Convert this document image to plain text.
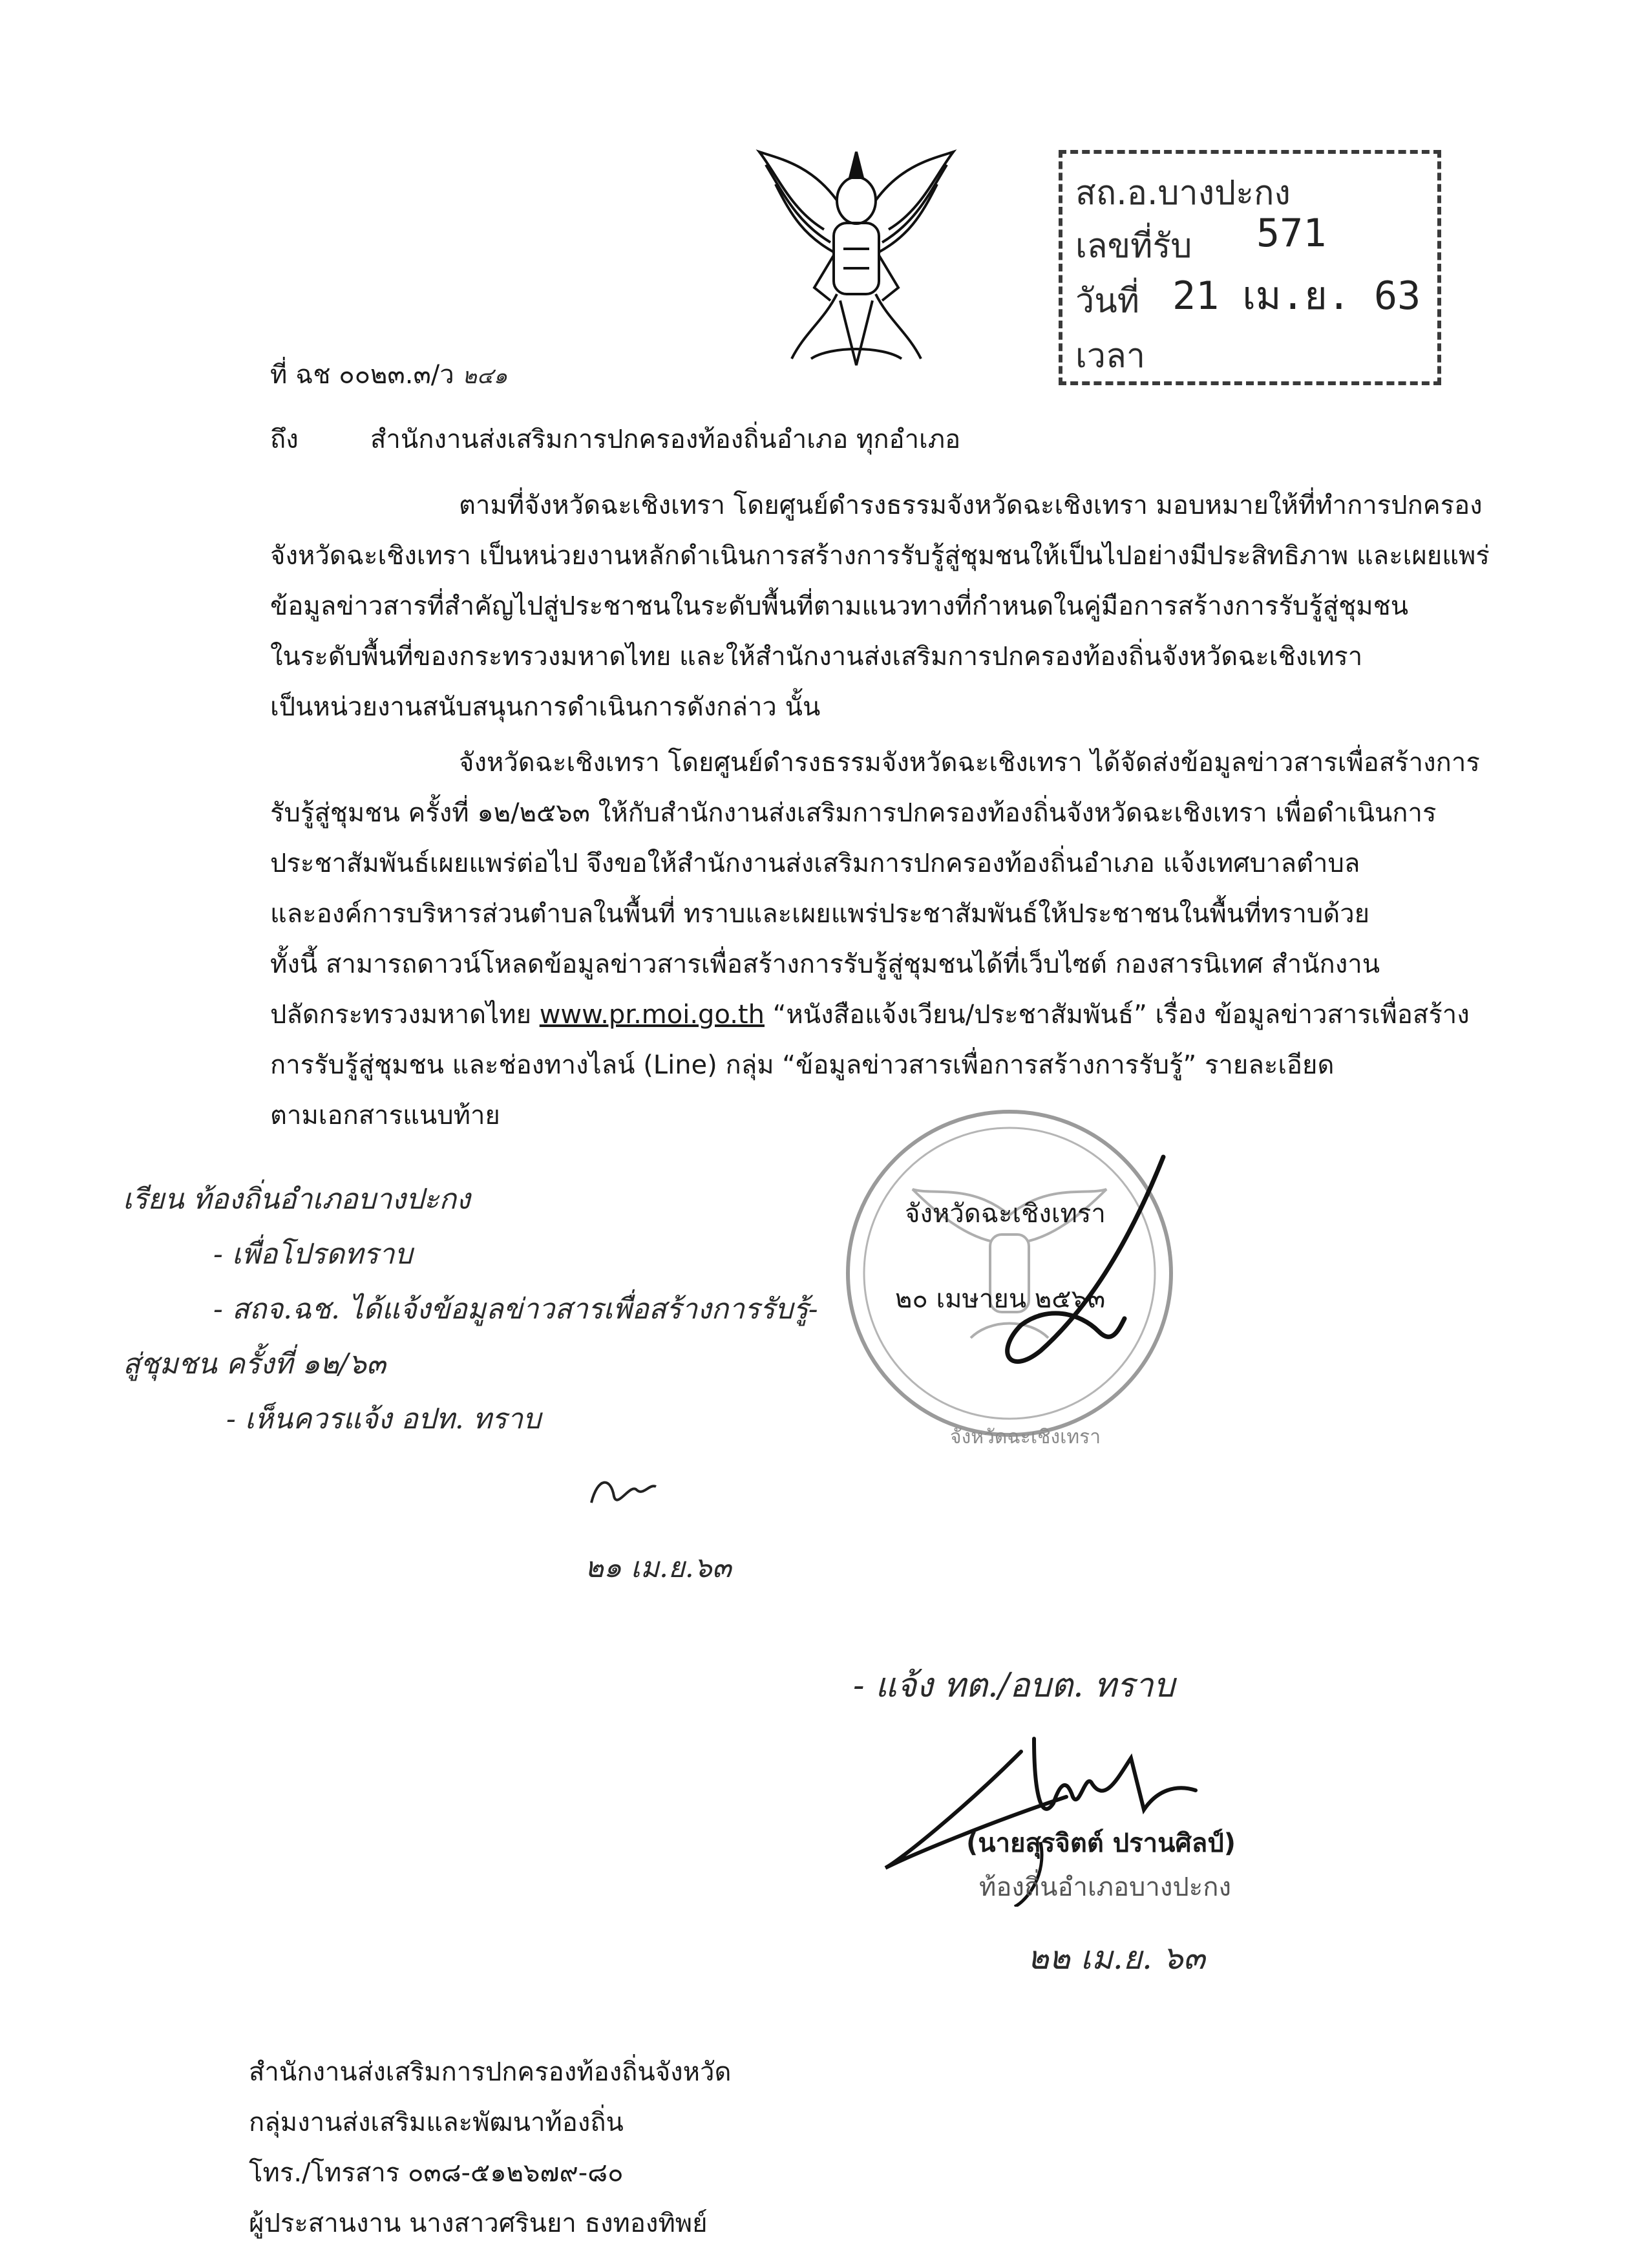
สถ.อ.บางปะกง
เลขที่รับ 571
วันที่ 21 เม.ย. 63
เวลา
ที่ ฉช ๐๐๒๓.๓/ว ๒๔๑
ถึง	สำนักงานส่งเสริมการปกครองท้องถิ่นอำเภอ ทุกอำเภอ
ตามที่จังหวัดฉะเชิงเทรา โดยศูนย์ดำรงธรรมจังหวัดฉะเชิงเทรา มอบหมายให้ที่ทำการปกครอง
จังหวัดฉะเชิงเทรา เป็นหน่วยงานหลักดำเนินการสร้างการรับรู้สู่ชุมชนให้เป็นไปอย่างมีประสิทธิภาพ และเผยแพร่
ข้อมูลข่าวสารที่สำคัญไปสู่ประชาชนในระดับพื้นที่ตามแนวทางที่กำหนดในคู่มือการสร้างการรับรู้สู่ชุมชน
ในระดับพื้นที่ของกระทรวงมหาดไทย และให้สำนักงานส่งเสริมการปกครองท้องถิ่นจังหวัดฉะเชิงเทรา
เป็นหน่วยงานสนับสนุนการดำเนินการดังกล่าว นั้น
จังหวัดฉะเชิงเทรา โดยศูนย์ดำรงธรรมจังหวัดฉะเชิงเทรา ได้จัดส่งข้อมูลข่าวสารเพื่อสร้างการ
รับรู้สู่ชุมชน ครั้งที่ ๑๒/๒๕๖๓ ให้กับสำนักงานส่งเสริมการปกครองท้องถิ่นจังหวัดฉะเชิงเทรา เพื่อดำเนินการ
ประชาสัมพันธ์เผยแพร่ต่อไป จึงขอให้สำนักงานส่งเสริมการปกครองท้องถิ่นอำเภอ แจ้งเทศบาลตำบล
และองค์การบริหารส่วนตำบลในพื้นที่ ทราบและเผยแพร่ประชาสัมพันธ์ให้ประชาชนในพื้นที่ทราบด้วย
ทั้งนี้ สามารถดาวน์โหลดข้อมูลข่าวสารเพื่อสร้างการรับรู้สู่ชุมชนได้ที่เว็บไซต์ กองสารนิเทศ สำนักงาน
ปลัดกระทรวงมหาดไทย www.pr.moi.go.th “หนังสือแจ้งเวียน/ประชาสัมพันธ์” เรื่อง ข้อมูลข่าวสารเพื่อสร้าง
การรับรู้สู่ชุมชน และช่องทางไลน์ (Line) กลุ่ม “ข้อมูลข่าวสารเพื่อการสร้างการรับรู้” รายละเอียด
ตามเอกสารแนบท้าย
จังหวัดฉะเชิงเทรา
จังหวัดฉะเชิงเทรา
๒๐ เมษายน ๒๕๖๓
เรียน ท้องถิ่นอำเภอบางปะกง
- เพื่อโปรดทราบ
- สถจ.ฉช. ได้แจ้งข้อมูลข่าวสารเพื่อสร้างการรับรู้-
สู่ชุมชน ครั้งที่ ๑๒/๖๓
- เห็นควรแจ้ง อปท. ทราบ
๒๑ เม.ย.๖๓
- แจ้ง ทต./อบต. ทราบ
(นายสุรจิตต์ ปรานศิลป์)
ท้องถิ่นอำเภอบางปะกง
๒๒ เม.ย. ๖๓
สำนักงานส่งเสริมการปกครองท้องถิ่นจังหวัด
กลุ่มงานส่งเสริมและพัฒนาท้องถิ่น
โทร./โทรสาร ๐๓๘-๕๑๒๖๗๙-๘๐
ผู้ประสานงาน นางสาวศรินยา ธงทองทิพย์
